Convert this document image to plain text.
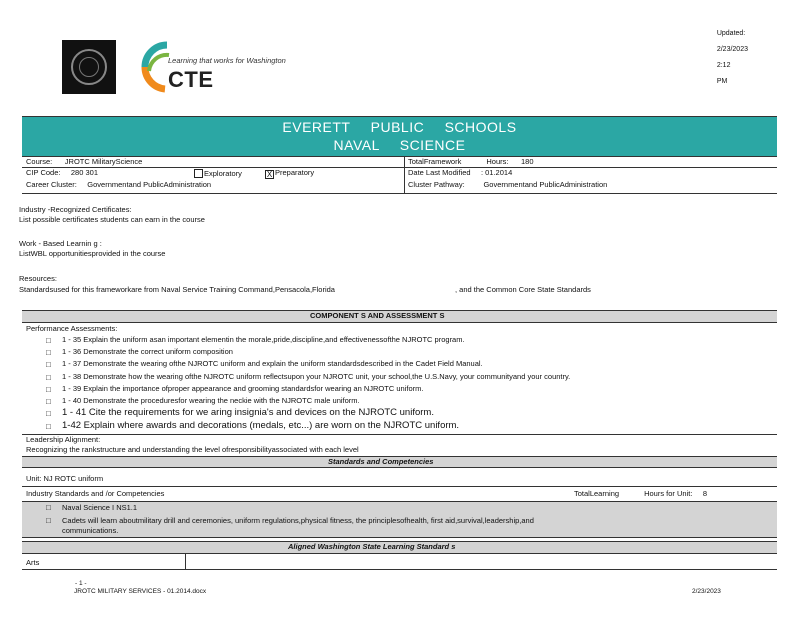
Updated:

2/23/2023

2:12

PM

Learning that works for Washington
CTE
EVERETT PUBLIC SCHOOLS
NAVAL SCIENCE
Course: JROTC MilitaryScience
CIP Code: 280 301	Exploratory	X Preparatory
Career Cluster: Governmentand PublicAdministration
TotalFramework	Hours: 180
Date Last Modified : 01.2014
Cluster Pathway:	Governmentand PublicAdministration
Industry -Recognized Certificates:
List possible certificates students can earn in the course
Work - Based Learnin g :
ListWBL opportunitiesprovided in the course
Resources:
Standardsused for this frameworkare from Naval Service Training Command,Pensacola,Florida	, and the Common Core State Standards
COMPONENT S AND ASSESSMENT S
Performance Assessments:
□ 1 - 35 Explain the uniform asan important elementin the morale,pride,discipline,and effectivenessofthe NJROTC program.
□ 1 - 36 Demonstrate the correct uniform composition
□ 1 - 37 Demonstrate the wearing ofthe NJROTC uniform and explain the uniform standardsdescribed in the Cadet Field Manual.
□ 1 - 38 Demonstrate how the wearing ofthe NJROTC uniform reflectsupon your NJROTC unit, your school,the U.S.Navy, your communityand your country.
□ 1 - 39 Explain the importance ofproper appearance and grooming standardsfor wearing an NJROTC uniform.
□ 1 - 40 Demonstrate the proceduresfor wearing the neckie with the NJROTC male uniform.
□ 1 - 41 Cite the requirements for we aring insignia's and devices on the NJROTC uniform.
□ 1-42 Explain where awards and decorations (medals, etc...) are worn on the NJROTC uniform.
Leadership Alignment:
Recognizing the rankstructure and understanding the level ofresponsibilityassociated with each level
Standards and Competencies
Unit: NJ ROTC uniform
Industry Standards and /or Competencies	TotalLearning	Hours for Unit: 8
□ Naval Science I NS1.1
□ Cadets will learn aboutmilitary drill and ceremonies, uniform regulations,physical fitness, the principlesofhealth, first aid,survival,leadership,and
communications.
Aligned Washington State Learning Standard s
Arts
- 1 -
JROTC MILITARY SERVICES - 01.2014.docx	2/23/2023
